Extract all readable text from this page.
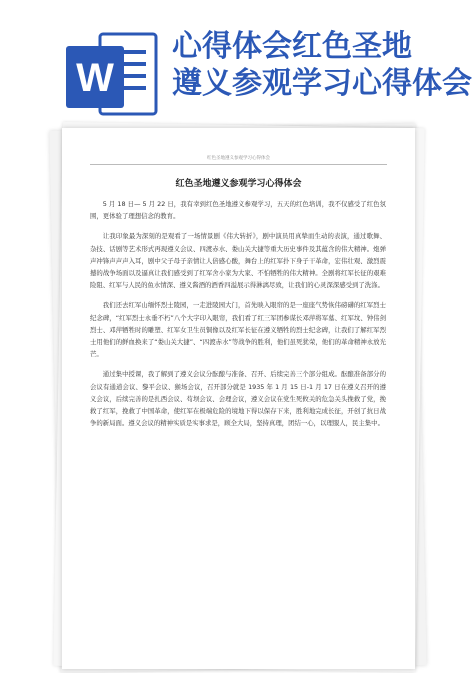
W
心得体会红色圣地
遵义参观学习心得体会
红色圣地遵义参观学习心得体会
红色圣地遵义参观学习心得体会

5 月 18 日— 5 月 22 日，我有幸到红色圣地遵义参观学习，五天的红色培训，我不仅感受了红色氛围，更体验了理想信念的教育。

让我印象最为深刻的是观看了一场情景剧《伟大转折》，剧中演员用真挚而生动的表演，通过歌舞、杂技、话剧等艺术形式再现遵义会议、四渡赤水、娄山关大捷等重大历史事件及其蕴含的伟大精神。炮弹声冲锋声声声入耳，剧中父子母子亲情让人倍感心酸，舞台上的红军扑下身子干革命，宏伟壮观、激烈震撼的战争场面以及逼真让我们感受到了红军舍小家为大家、不怕牺牲的伟大精神。全剧将红军长征的艰难险阻、红军与人民的鱼水情深、遵义酱酒的酒香四溢展示得淋漓尽致，让我们的心灵深深感受到了洗涤。

我们还去红军山缅怀烈士陵园，一走进陵园大门，首先映入眼帘的是一座座气势恢伟磅礴的红军烈士纪念碑，“红军烈士永垂不朽”八个大字印入眼帘，我们看了红三军团参谋长邓萍将军墓、红军坟、钟伟剑烈士、邓萍牺牲时的雕塑、红军女卫生员铜像以及红军长征在遵义牺牲的烈士纪念碑，让我们了解红军烈士用他们的鲜血换来了“娄山关大捷”、“四渡赤水”等战争的胜利，他们虽死犹荣，他们的革命精神永放光芒。

通过集中授课，我了解到了遵义会议分酝酿与准备、召开、后续完善三个部分组成。酝酿准备部分的会议有通道会议、黎平会议、猴场会议，召开部分就是 1935 年 1 月 15 日-1 月 17 日在遵义召开的遵义会议，后续完善的是扎西会议、苟坝会议、会理会议，遵义会议在党生死攸关的危急关头挽救了党，挽救了红军，挽救了中国革命，使红军在极端危险的境地下得以保存下来，胜利地完成长征，开创了抗日战争的新局面。遵义会议的精神实质是实事求是，顾全大局，坚持真理，团结一心，以理服人，民主集中。
